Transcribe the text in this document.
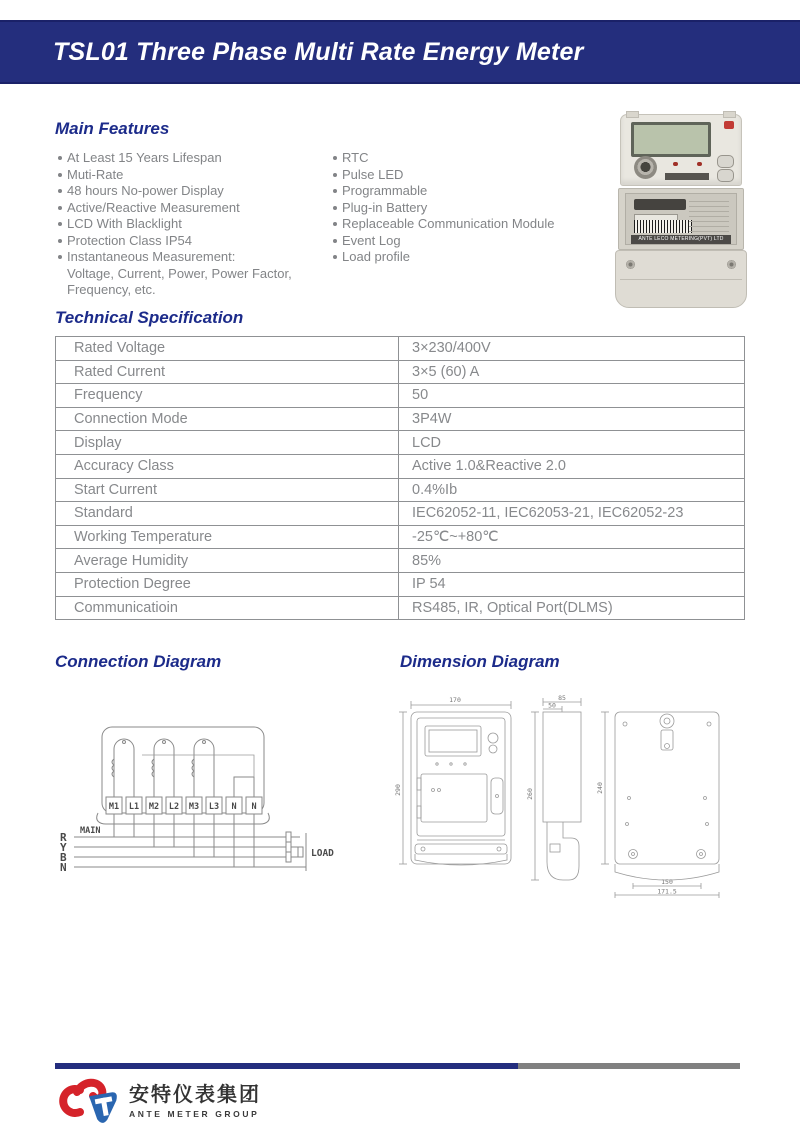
TSL01 Three Phase Multi Rate Energy Meter
Main Features
At Least 15 Years Lifespan
Muti-Rate
48 hours No-power Display
Active/Reactive Measurement
LCD With Blacklight
Protection Class IP54
Instantaneous Measurement:
Voltage, Current, Power, Power Factor,
Frequency, etc.
RTC
Pulse LED
Programmable
Plug-in Battery
Replaceable Communication Module
Event Log
Load profile
ANTE LECO METERING(PVT) LTD
Technical Specification
Rated Voltage	3×230/400V
Rated Current	3×5 (60) A
Frequency	50
Connection Mode	3P4W
Display	LCD
Accuracy Class	Active 1.0&Reactive 2.0
Start Current	0.4%Ib
Standard	IEC62052-11, IEC62053-21, IEC62052-23
Working Temperature	-25℃~+80℃
Average Humidity	85%
Protection Degree	IP 54
Communicatioin	RS485, IR, Optical Port(DLMS)
Connection Diagram	Dimension Diagram
M1 L1 M2 L2 M3 L3 N N
R
Y
B
N
MAIN
LOAD
170
290
85
50
260
240
150
171.5
安特仪表集团
ANTE METER GROUP
